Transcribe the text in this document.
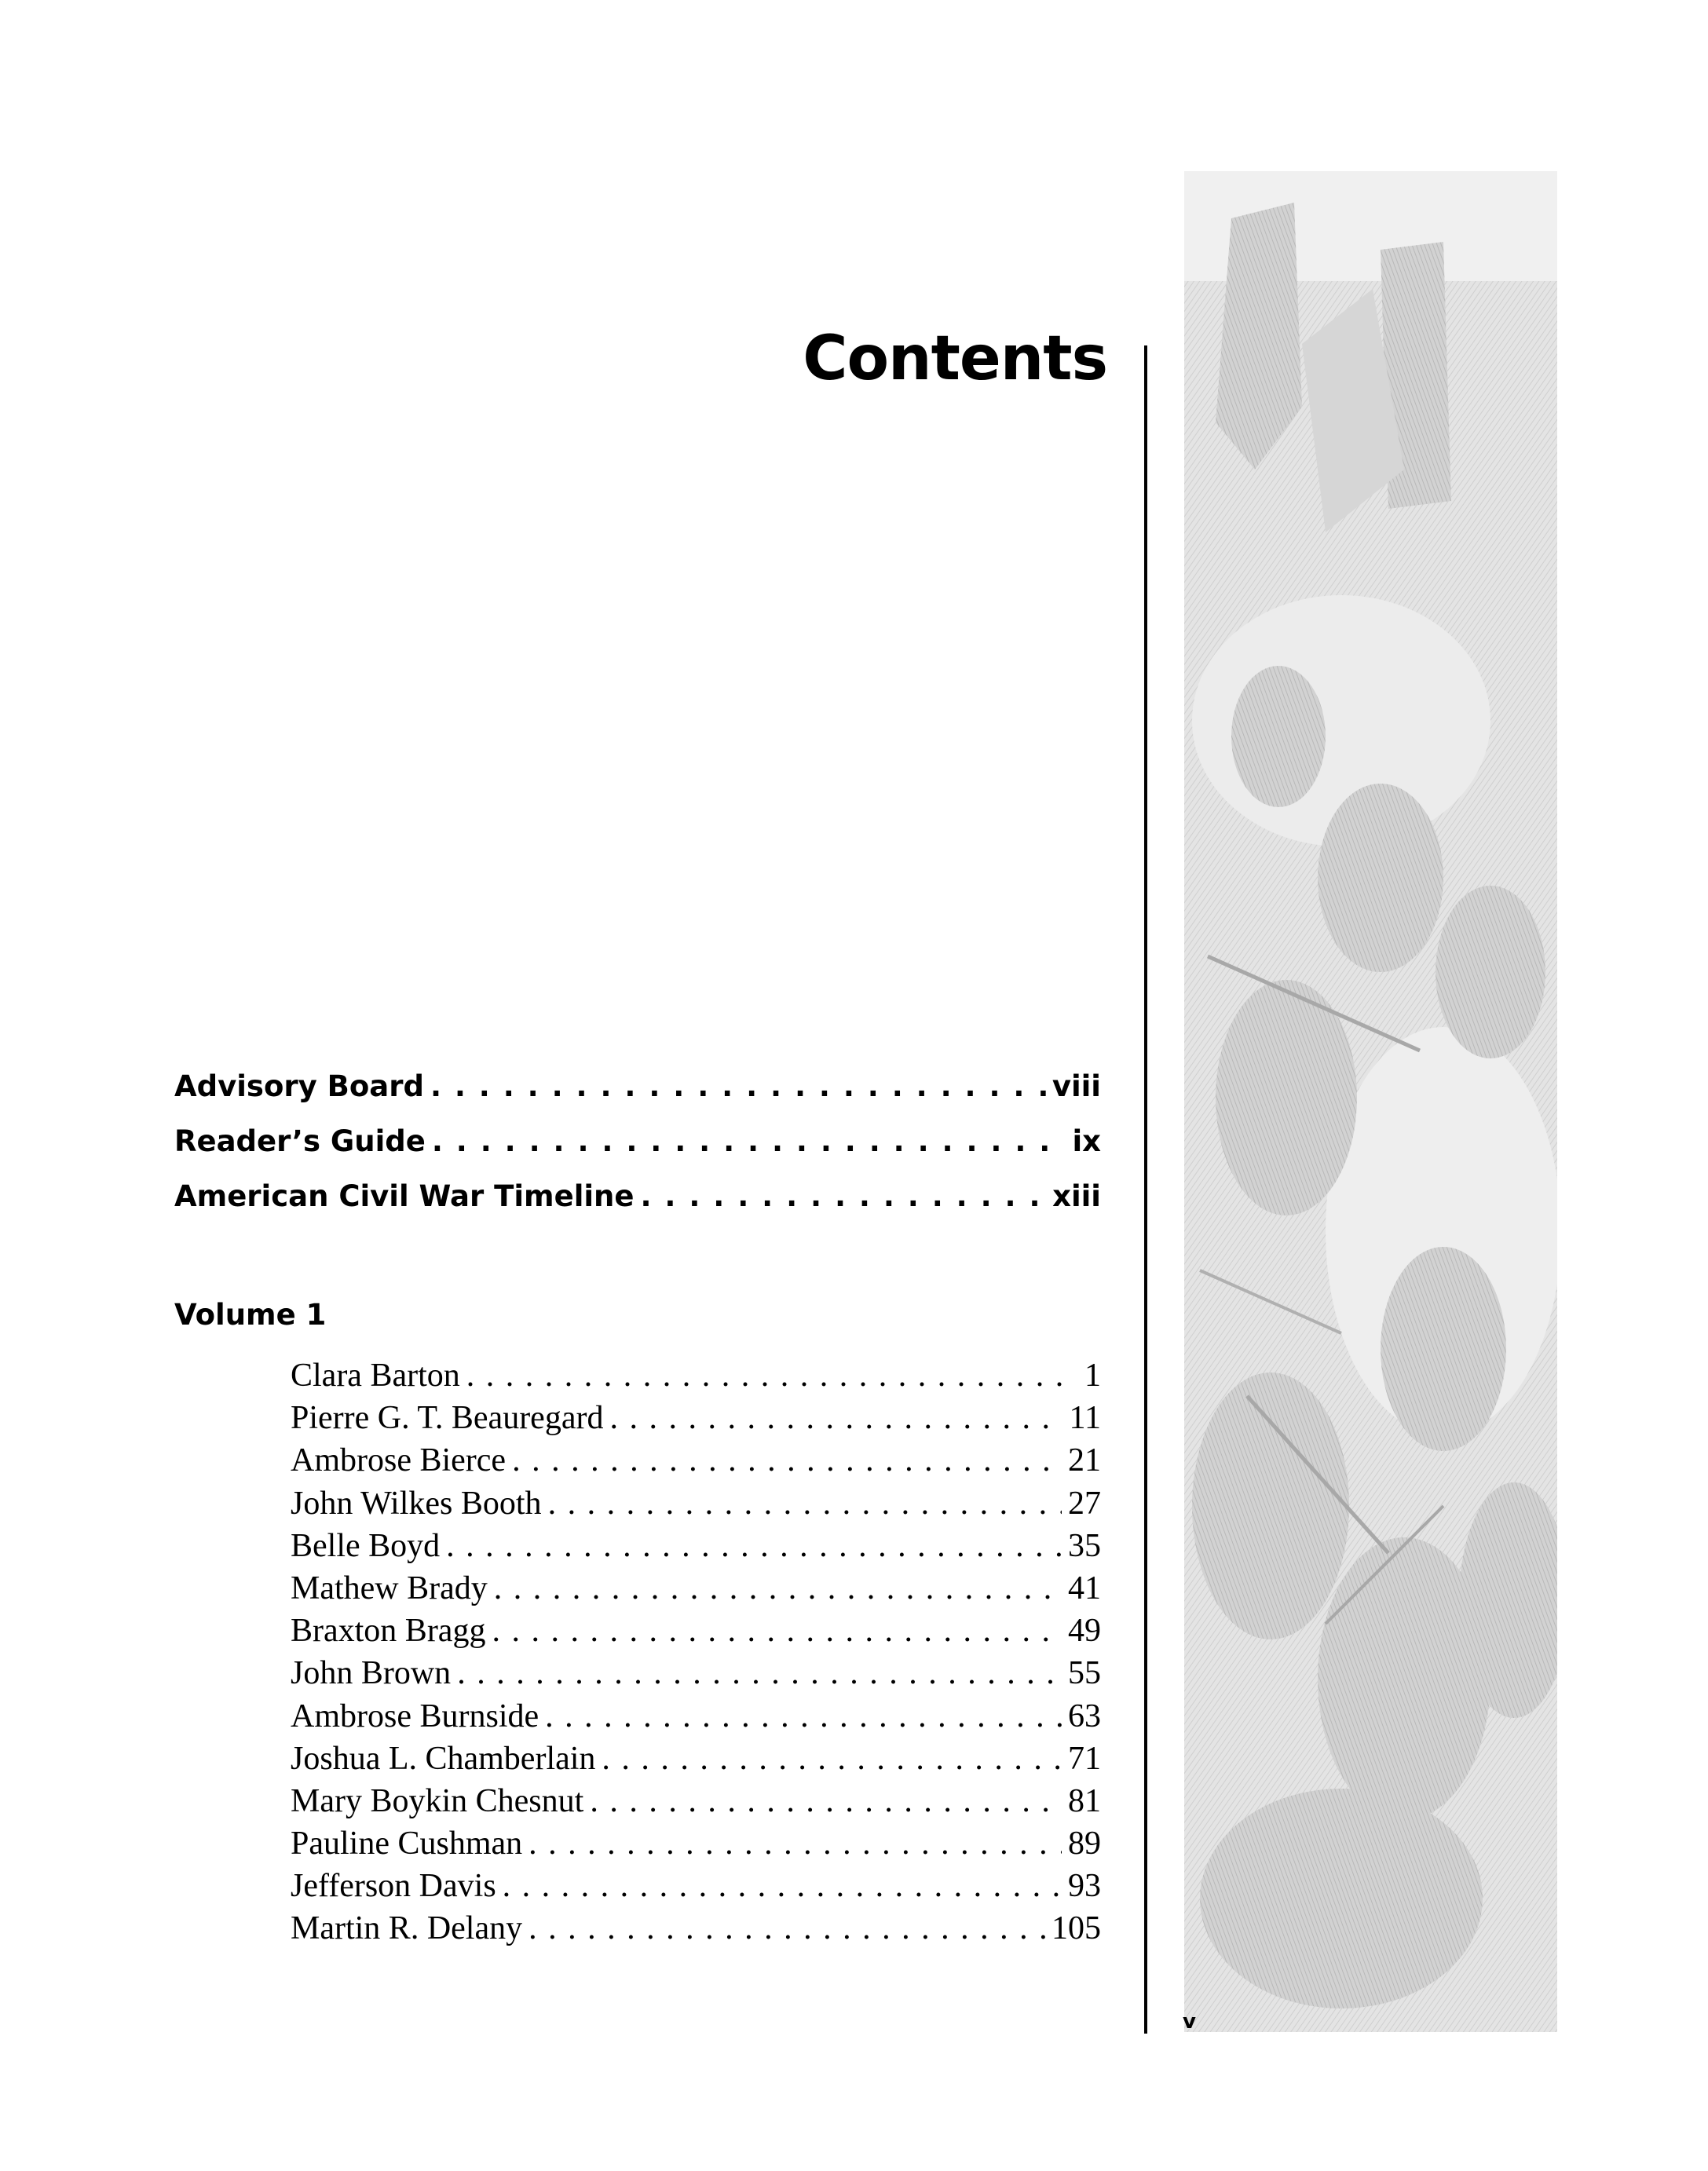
Contents
v
Advisory Board . . .	viii
Reader’s Guide . . .	ix
American Civil War Timeline . . .	xiii
Volume 1
Clara Barton . . .	1
Pierre G. T. Beauregard . . .	11
Ambrose Bierce . . .	21
John Wilkes Booth . . .	27
Belle Boyd . . .	35
Mathew Brady . . .	41
Braxton Bragg . . .	49
John Brown . . .	55
Ambrose Burnside . . .	63
Joshua L. Chamberlain . . .	71
Mary Boykin Chesnut . . .	81
Pauline Cushman . . .	89
Jefferson Davis . . .	93
Martin R. Delany . . .	105
